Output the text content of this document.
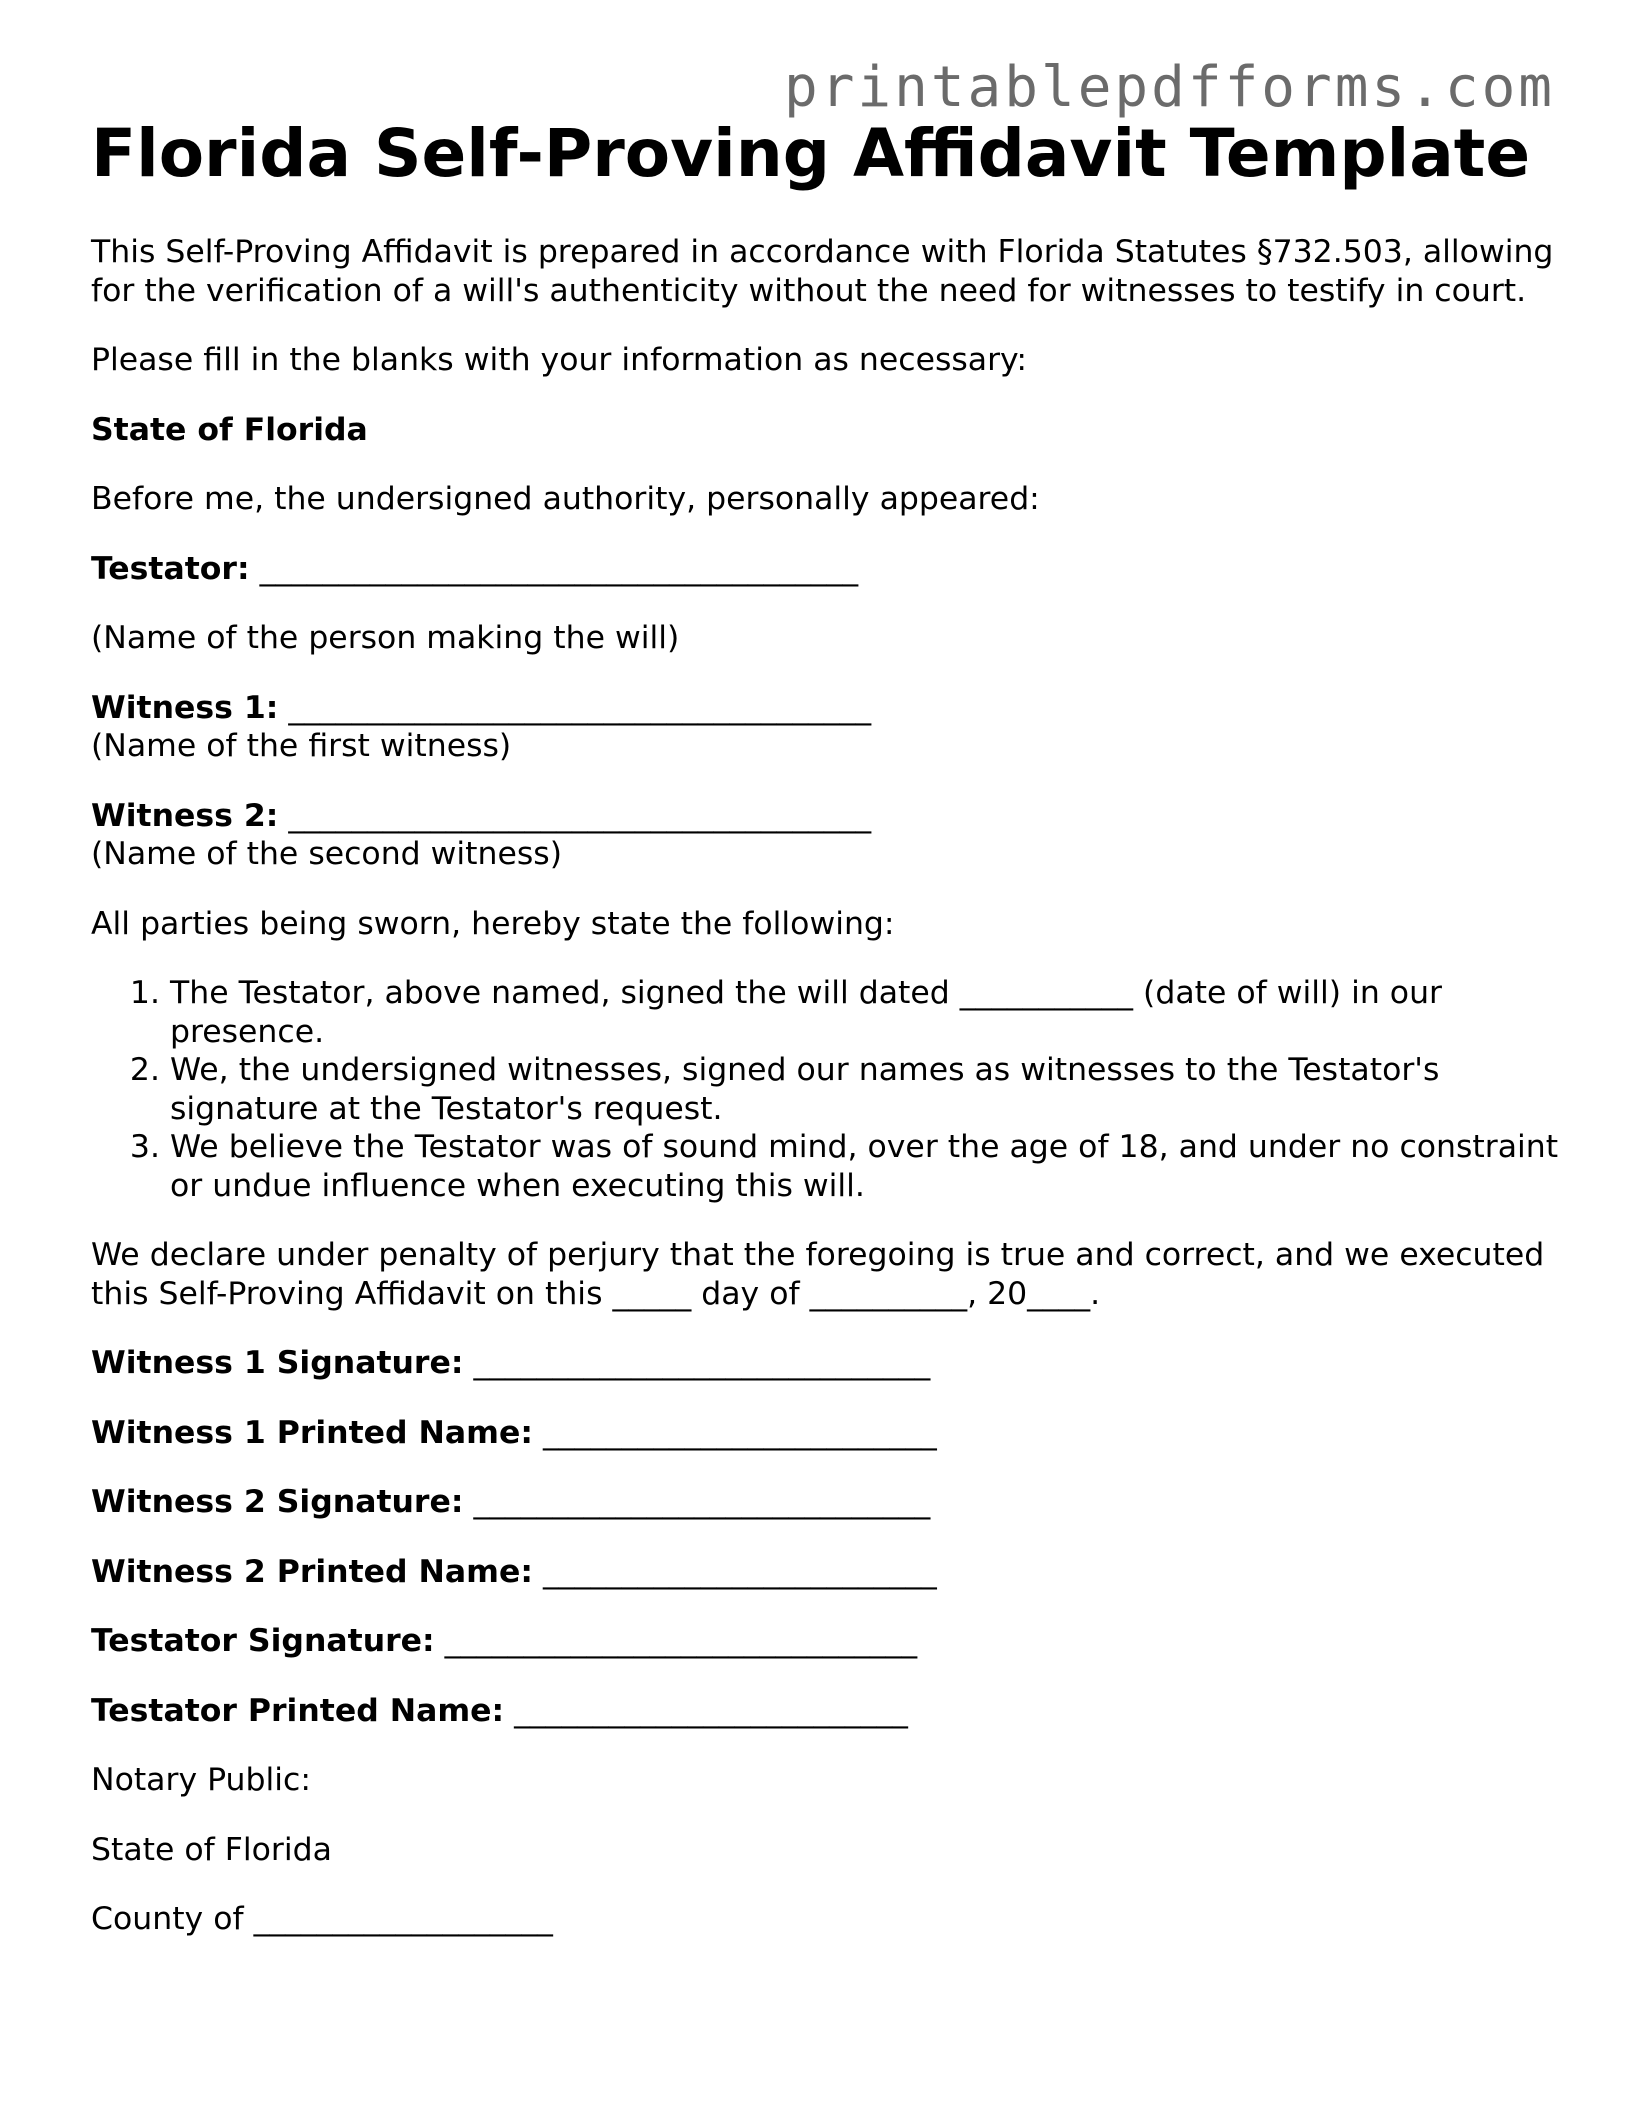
printablepdfforms.com
Florida Self-Proving Affidavit Template

This Self-Proving Affidavit is prepared in accordance with Florida Statutes §732.503, allowing for the verification of a will's authenticity without the need for witnesses to testify in court.

Please fill in the blanks with your information as necessary:

State of Florida

Before me, the undersigned authority, personally appeared:

Testator: ______________________________________

(Name of the person making the will)

Witness 1: _____________________________________
(Name of the first witness)
Witness 2: _____________________________________
(Name of the second witness)

All parties being sworn, hereby state the following:

1. The Testator, above named, signed the will dated ___________ (date of will) in our presence.
2. We, the undersigned witnesses, signed our names as witnesses to the Testator's signature at the Testator's request.
3. We believe the Testator was of sound mind, over the age of 18, and under no constraint or undue influence when executing this will.

We declare under penalty of perjury that the foregoing is true and correct, and we executed this Self-Proving Affidavit on this _____ day of __________, 20____.

Witness 1 Signature: _____________________________

Witness 1 Printed Name: _________________________

Witness 2 Signature: _____________________________

Witness 2 Printed Name: _________________________

Testator Signature: ______________________________

Testator Printed Name: _________________________

Notary Public:

State of Florida

County of ___________________
